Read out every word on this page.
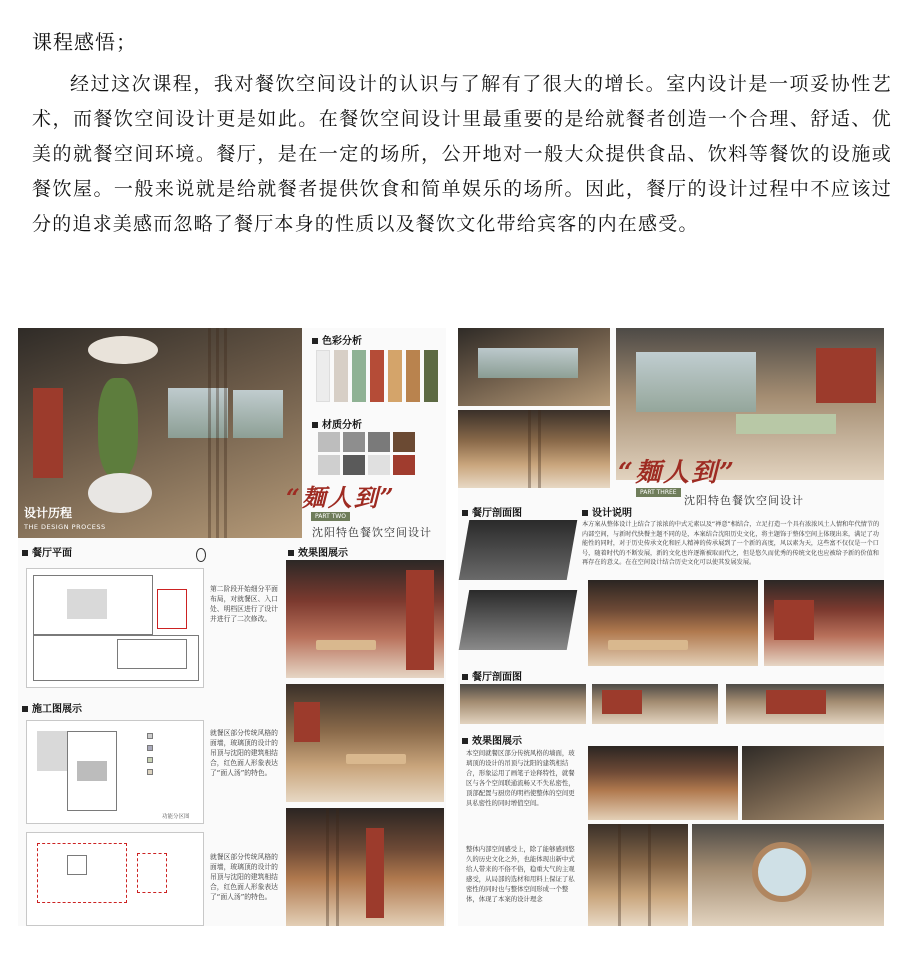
课程感悟；

经过这次课程，我对餐饮空间设计的认识与了解有了很大的增长。室内设计是一项妥协性艺术，而餐饮空间设计更是如此。在餐饮空间设计里最重要的是给就餐者创造一个合理、舒适、优美的就餐空间环境。餐厅，是在一定的场所，公开地对一般大众提供食品、饮料等餐饮的设施或餐饮屋。一般来说就是给就餐者提供饮食和简单娱乐的场所。因此，餐厅的设计过程中不应该过分的追求美感而忽略了餐厅本身的性质以及餐饮文化带给宾客的内在感受。

设计历程
THE DESIGN PROCESS
色彩分析
材质分析
“麺人到”
PART TWO
沈阳特色餐饮空间设计
餐厅平面
第二阶段开始细分平面布局，对就餐区、入口处、明档区进行了设计并进行了二次修改。
效果图展示
施工图展示
功能分区图
就餐区部分传统风格的面墙，玻璃顶的设计的吊顶与沈阳的建筑相结合，红色面人形象表达了“面人汤”的特色。
就餐区部分传统风格的面墙，玻璃顶的设计的吊顶与沈阳的建筑相结合，红色面人形象表达了“面人汤”的特色。
“麺人到”
PART THREE
沈阳特色餐饮空间设计
餐厅剖面图	设计说明
本方案从整体设计上结合了浓浓的中式元素以及“禅意”相结合，立足打造一个具有浓浓风土人情和年代情节的内部空间，与新时代快餐主题不同的是，本案结合沈阳历史文化，将主题饰于整体空间上体现出来，满足了功能性的同时，对于历史传承文化和匠人精神的传承展到了一个新的高度，风以素为天，这些富不仅仅是一个口号，随着时代的不断发展，新的文化也许逐渐被取而代之，但是悠久而优秀的传统文化也应被给予新的价值和再存在的意义。在在空间设计结合历史文化可以使其发展发展。
餐厅剖面图
效果图展示
本空间就餐区部分传统风格的墙面，玻璃顶的设计的吊顶与沈阳的建筑相结合，形象运用了画笔子诠释特性，就餐区与各个空间联通流畅又不失私密性，顶部配置与厨房的明档使整体的空间更具私密性的同时增值空间。
整体内部空间感受上，除了能够感到悠久的历史文化之外，也能体现出新中式给人带来的不俗不俗，稳重大气的主观感受，从局部的选材和用料上保证了私密性的同时也与整体空间形成一个整体，体现了本案的设计理念
